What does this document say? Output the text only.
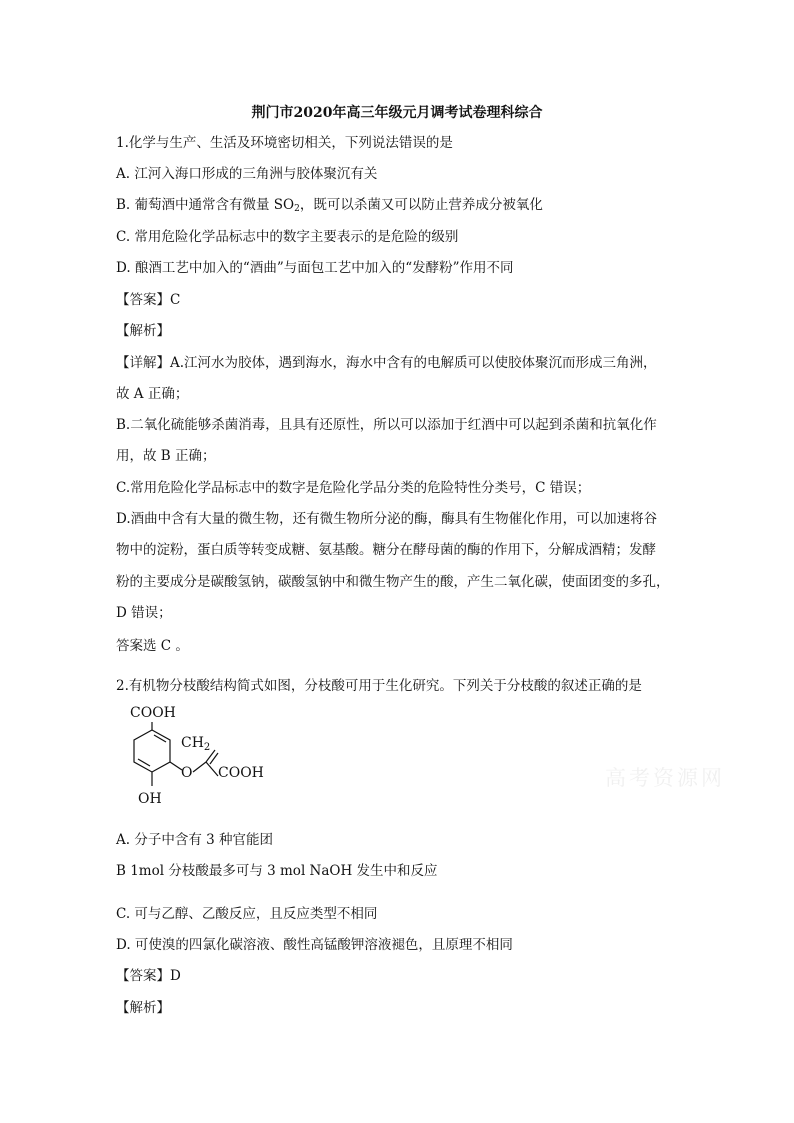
荆门市2020年高三年级元月调考试卷理科综合
1.化学与生产、生活及环境密切相关，下列说法错误的是
A. 江河入海口形成的三角洲与胶体聚沉有关
B. 葡萄酒中通常含有微量 $SO_2$，既可以杀菌又可以防止营养成分被氧化
C. 常用危险化学品标志中的数字主要表示的是危险的级别
D. 酿酒工艺中加入的“酒曲”与面包工艺中加入的“发酵粉”作用不同
【答案】C
【解析】
【详解】A.江河水为胶体，遇到海水，海水中含有的电解质可以使胶体聚沉而形成三角洲，
故 A 正确；
B.二氧化硫能够杀菌消毒，且具有还原性，所以可以添加于红酒中可以起到杀菌和抗氧化作
用，故 B 正确；
C.常用危险化学品标志中的数字是危险化学品分类的危险特性分类号，C 错误；
D.酒曲中含有大量的微生物，还有微生物所分泌的酶，酶具有生物催化作用，可以加速将谷
物中的淀粉，蛋白质等转变成糖、氨基酸。糖分在酵母菌的酶的作用下，分解成酒精；发酵
粉的主要成分是碳酸氢钠，碳酸氢钠中和微生物产生的酸，产生二氧化碳，使面团变的多孔，
D 错误；
答案选 C 。
2.有机物分枝酸结构简式如图，分枝酸可用于生化研究。下列关于分枝酸的叙述正确的是
COOH
$CH_2$
O COOH
OH
A. 分子中含有 3 种官能团
B 1mol 分枝酸最多可与 3 mol NaOH 发生中和反应
C. 可与乙醇、乙酸反应，且反应类型不相同
D. 可使溴的四氯化碳溶液、酸性高锰酸钾溶液褪色，且原理不相同
【答案】D
【解析】
高考资源网
